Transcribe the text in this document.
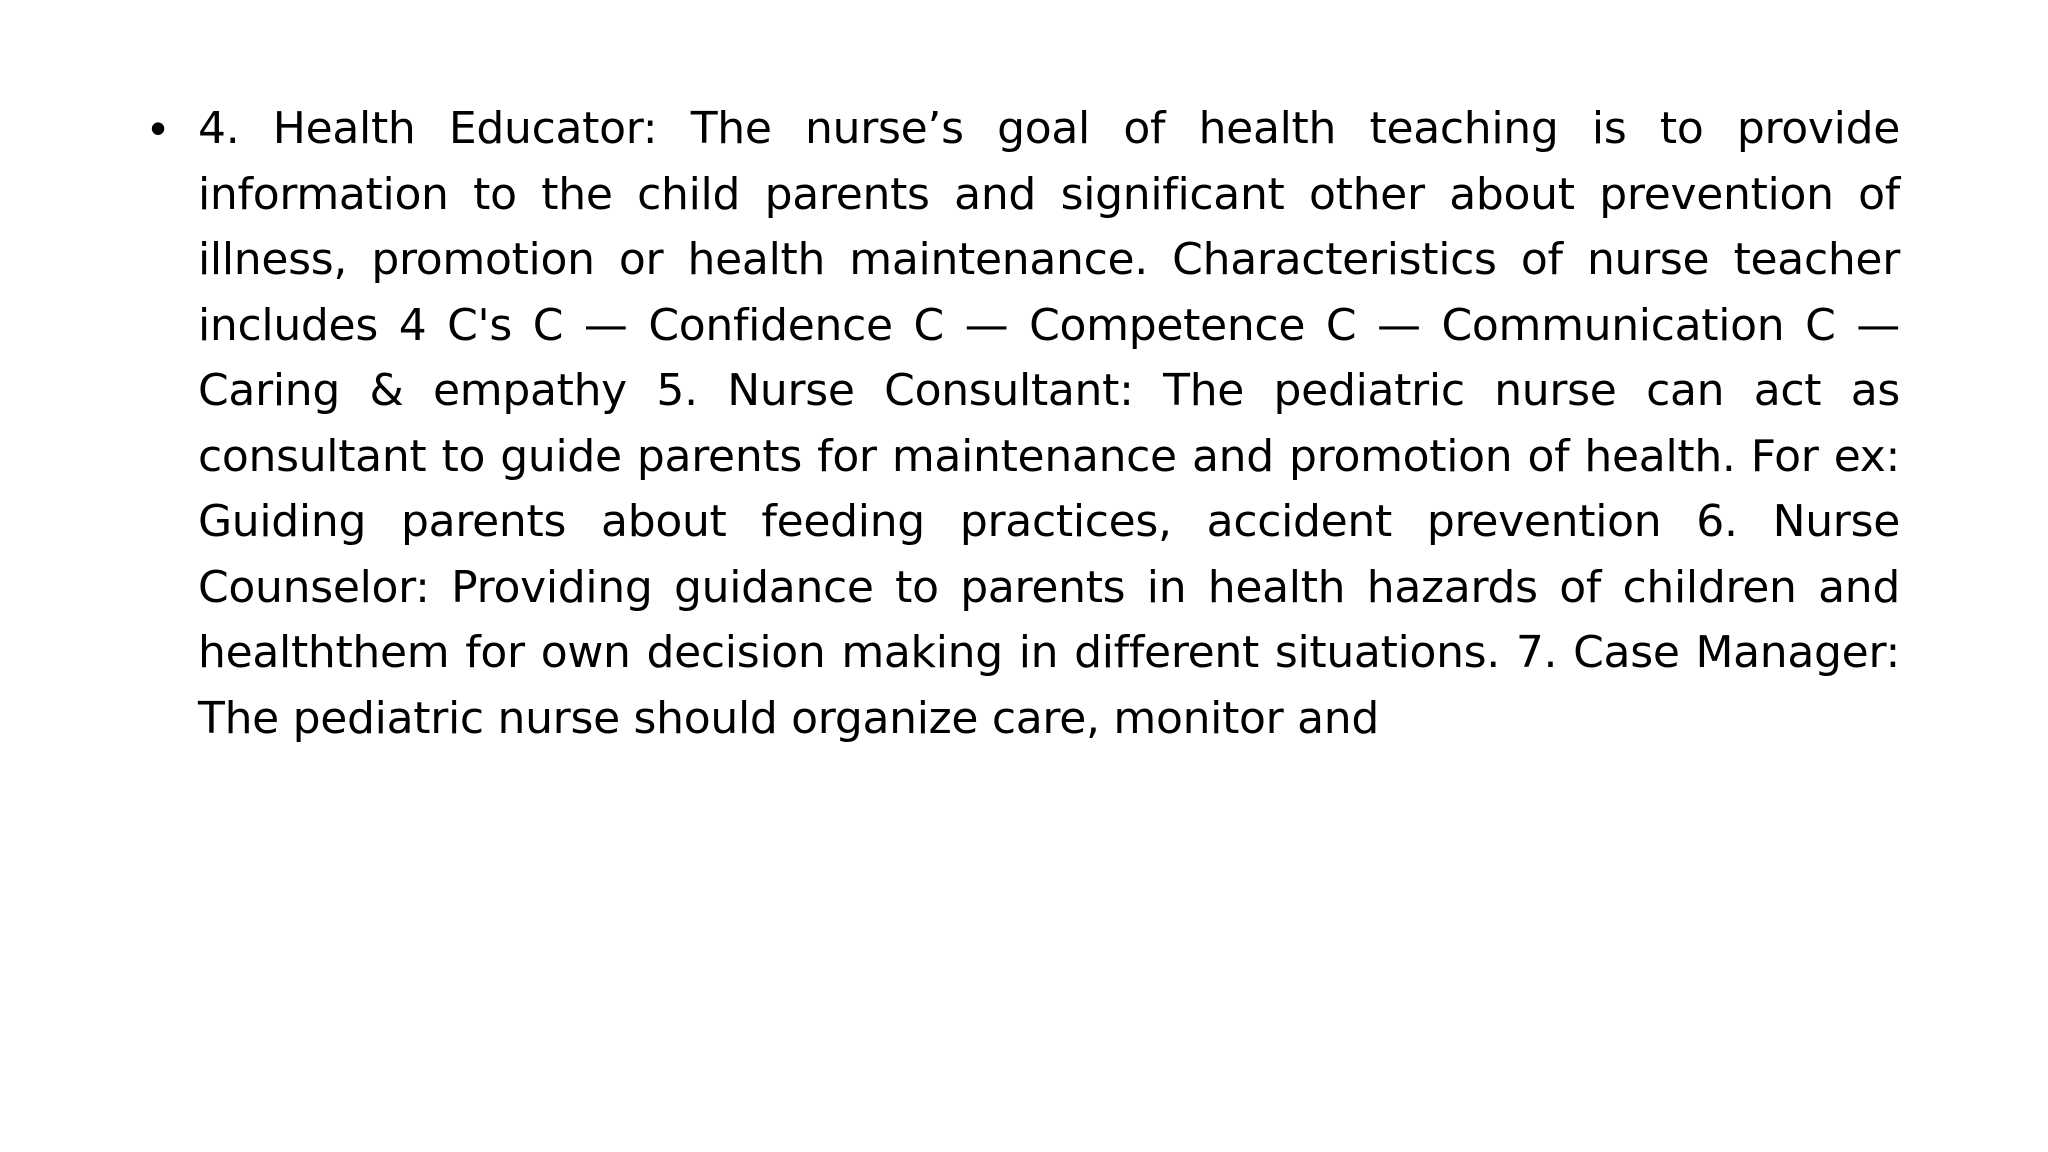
• 4. Health Educator: The nurse’s goal of health teaching is to provide information to the child parents and significant other about prevention of illness, promotion or health maintenance. Characteristics of nurse teacher includes 4 C's C — Confidence C — Competence C — Communication C — Caring & empathy 5. Nurse Consultant: The pediatric nurse can act as consultant to guide parents for maintenance and promotion of health. For ex: Guiding parents about feeding practices, accident prevention 6. Nurse Counselor: Providing guidance to parents in health hazards of children and healththem for own decision making in different situations. 7. Case Manager: The pediatric nurse should organize care, monitor and
